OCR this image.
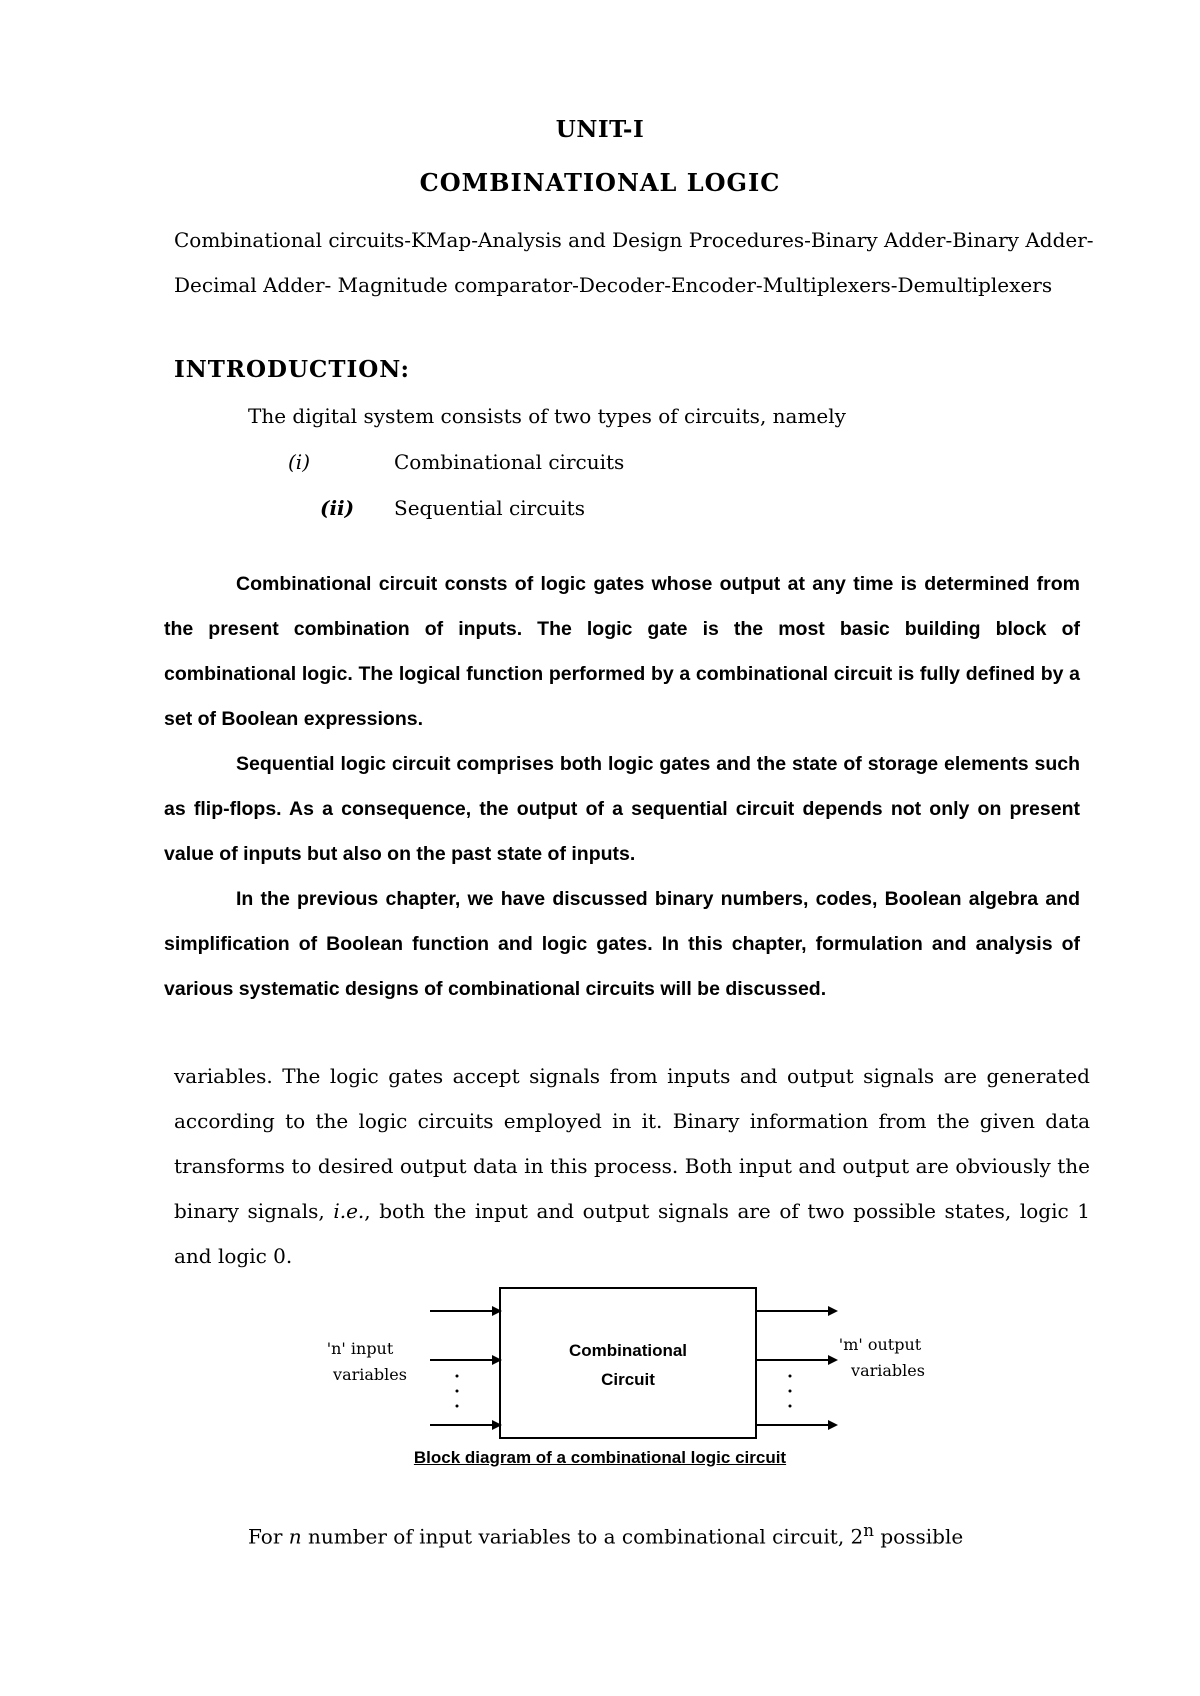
UNIT-I
COMBINATIONAL LOGIC

Combinational circuits-KMap-Analysis and Design Procedures-Binary Adder-Binary Adder-Decimal Adder- Magnitude comparator-Decoder-Encoder-Multiplexers-Demultiplexers

INTRODUCTION:

The digital system consists of two types of circuits, namely

(i)	Combinational circuits
(ii) Sequential circuits

Combinational circuit consts of logic gates whose output at any time is determined from the present combination of inputs. The logic gate is the most basic building block of combinational logic. The logical function performed by a combinational circuit is fully defined by a set of Boolean expressions.

Sequential logic circuit comprises both logic gates and the state of storage elements such as flip-flops. As a consequence, the output of a sequential circuit depends not only on present value of inputs but also on the past state of inputs.

In the previous chapter, we have discussed binary numbers, codes, Boolean algebra and simplification of Boolean function and logic gates. In this chapter, formulation and analysis of various systematic designs of combinational circuits will be discussed.

variables. The logic gates accept signals from inputs and output signals are generated according to the logic circuits employed in it. Binary information from the given data transforms to desired output data in this process. Both input and output are obviously the binary signals, i.e., both the input and output signals are of two possible states, logic 1 and logic 0.

'n' input
variables
Combinational
Circuit
'm' output
variables
Block diagram of a combinational logic circuit

For n number of input variables to a combinational circuit, 2$^n$ possible
